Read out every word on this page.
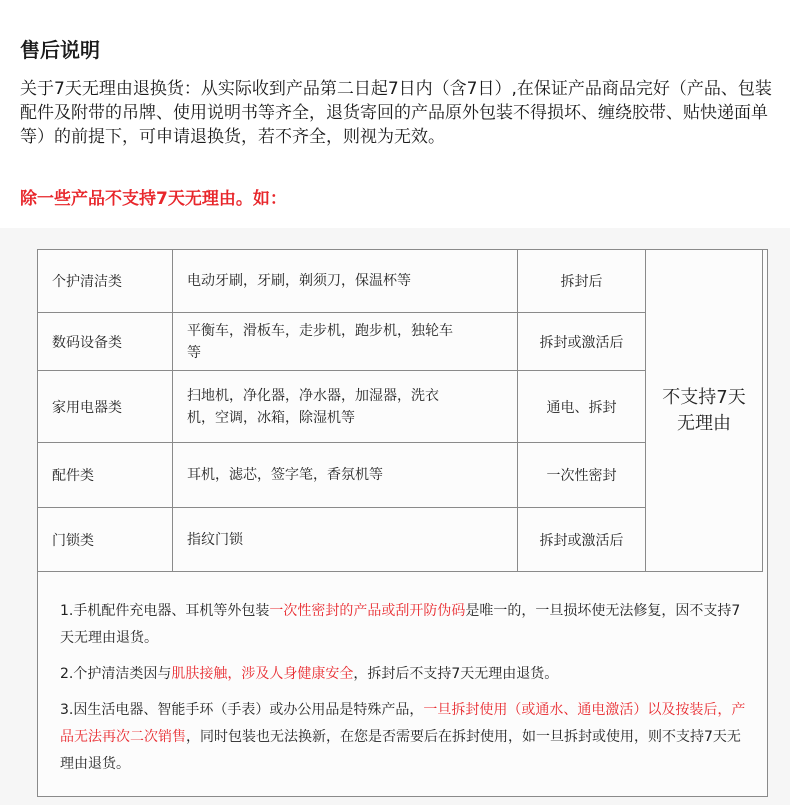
售后说明
关于7天无理由退换货：从实际收到产品第二日起7日内（含7日）,在保证产品商品完好（产品、包装配件及附带的吊牌、使用说明书等齐全，退货寄回的产品原外包装不得损坏、缠绕胶带、贴快递面单等）的前提下，可申请退换货，若不齐全，则视为无效。
除一些产品不支持7天无理由。如：
个护清洁类	电动牙刷，牙刷，剃须刀，保温杯等	拆封后	不支持7天无理由

数码设备类	平衡车，滑板车，走步机，跑步机，独轮车等	拆封或激活后	
家用电器类	扫地机，净化器，净水器，加湿器，洗衣机，空调，冰箱，除湿机等	通电、拆封	
配件类	耳机，滤芯，签字笔，香氛机等	一次性密封	
门锁类	指纹门锁	拆封或激活后	
1.手机配件充电器、耳机等外包装一次性密封的产品或刮开防伪码是唯一的，一旦损坏使无法修复，因不支持7天无理由退货。
2.个护清洁类因与肌肤接触，涉及人身健康安全，拆封后不支持7天无理由退货。
3.因生活电器、智能手环（手表）或办公用品是特殊产品，一旦拆封使用（或通水、通电激活）以及按装后，产品无法再次二次销售，同时包装也无法换新，在您是否需要后在拆封使用，如一旦拆封或使用，则不支持7天无理由退货。
